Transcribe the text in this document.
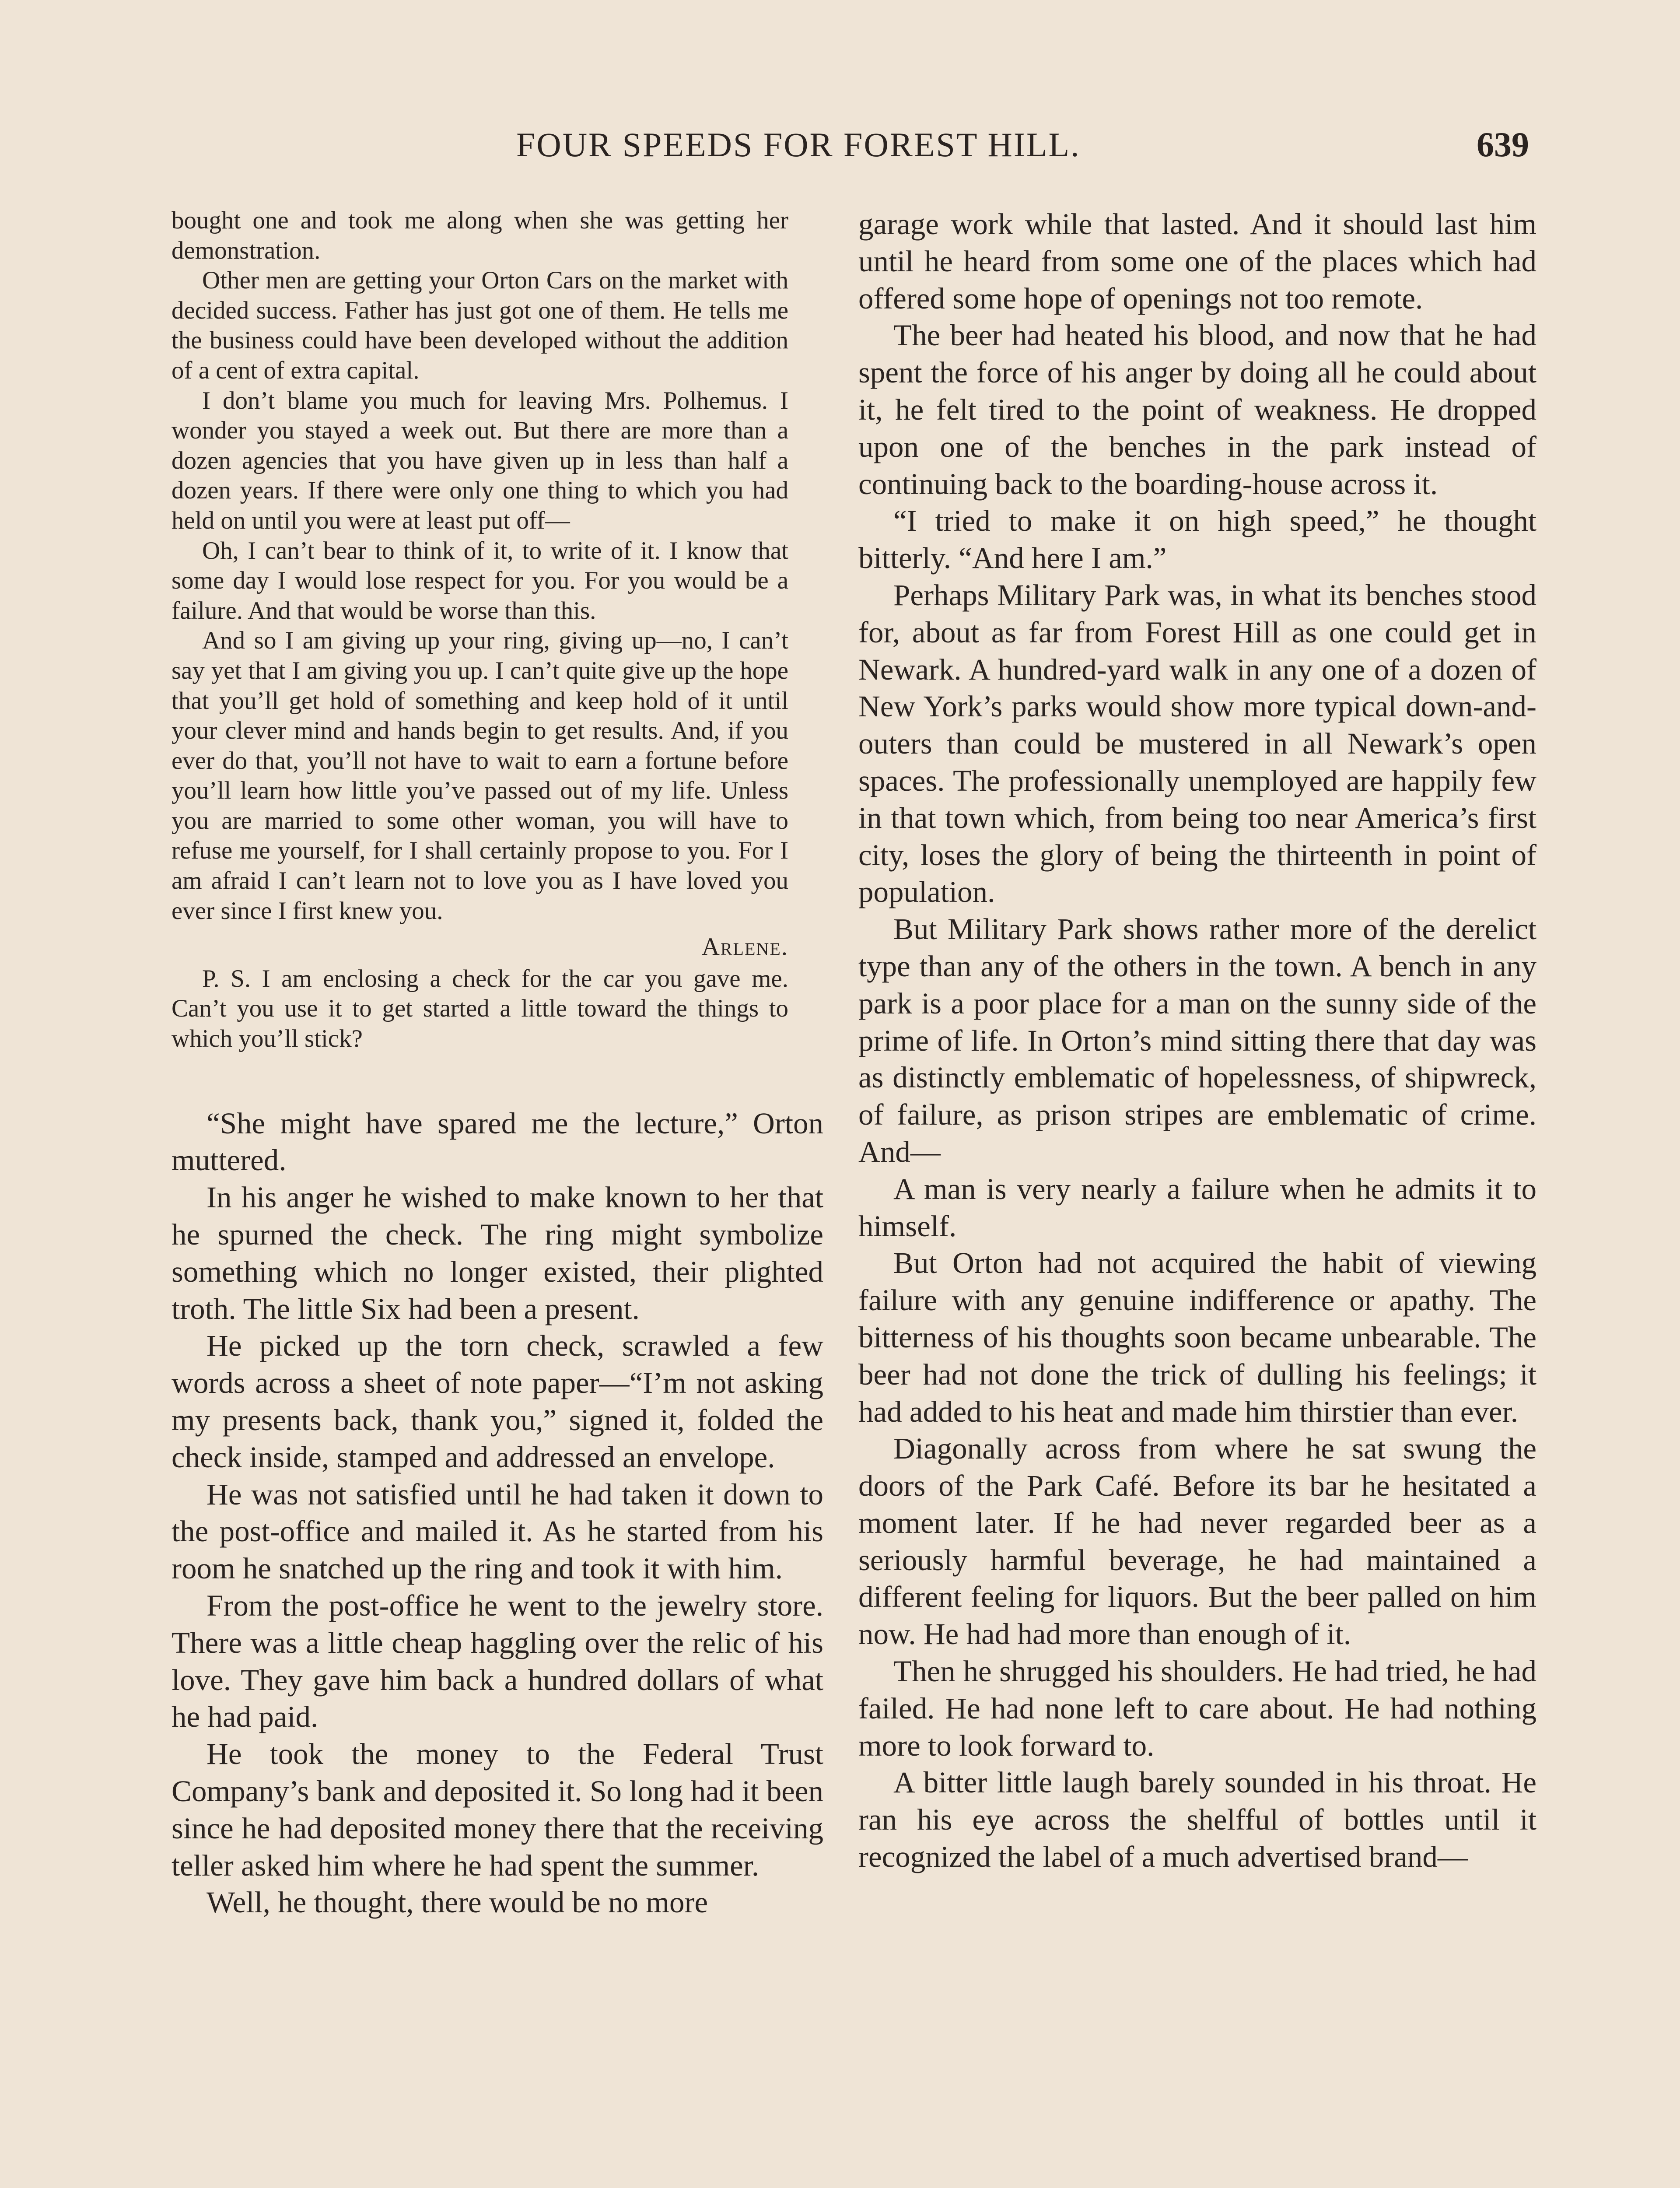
FOUR SPEEDS FOR FOREST HILL.	639

bought one and took me along when she was getting her demonstration.

Other men are getting your Orton Cars on the market with decided success. Father has just got one of them. He tells me the business could have been developed without the addition of a cent of extra capital.

I don’t blame you much for leaving Mrs. Polhemus. I wonder you stayed a week out. But there are more than a dozen agencies that you have given up in less than half a dozen years. If there were only one thing to which you had held on until you were at least put off—

Oh, I can’t bear to think of it, to write of it. I know that some day I would lose respect for you. For you would be a failure. And that would be worse than this.

And so I am giving up your ring, giving up—no, I can’t say yet that I am giving you up. I can’t quite give up the hope that you’ll get hold of something and keep hold of it until your clever mind and hands begin to get results. And, if you ever do that, you’ll not have to wait to earn a fortune before you’ll learn how little you’ve passed out of my life. Unless you are married to some other woman, you will have to refuse me yourself, for I shall certainly propose to you. For I am afraid I can’t learn not to love you as I have loved you ever since I first knew you.

Arlene.

P. S. I am enclosing a check for the car you gave me. Can’t you use it to get started a little toward the things to which you’ll stick?

“She might have spared me the lecture,” Orton muttered.

In his anger he wished to make known to her that he spurned the check. The ring might symbolize something which no longer existed, their plighted troth. The little Six had been a present.

He picked up the torn check, scrawled a few words across a sheet of note paper—“I’m not asking my presents back, thank you,” signed it, folded the check inside, stamped and addressed an envelope.

He was not satisfied until he had taken it down to the post-office and mailed it. As he started from his room he snatched up the ring and took it with him.

From the post-office he went to the jewelry store. There was a little cheap haggling over the relic of his love. They gave him back a hundred dollars of what he had paid.

He took the money to the Federal Trust Company’s bank and deposited it. So long had it been since he had deposited money there that the receiving teller asked him where he had spent the summer.

Well, he thought, there would be no more

garage work while that lasted. And it should last him until he heard from some one of the places which had offered some hope of openings not too remote.

The beer had heated his blood, and now that he had spent the force of his anger by doing all he could about it, he felt tired to the point of weakness. He dropped upon one of the benches in the park instead of continuing back to the boarding-house across it.

“I tried to make it on high speed,” he thought bitterly. “And here I am.”

Perhaps Military Park was, in what its benches stood for, about as far from Forest Hill as one could get in Newark. A hundred-yard walk in any one of a dozen of New York’s parks would show more typical down-and-outers than could be mustered in all Newark’s open spaces. The professionally unemployed are happily few in that town which, from being too near America’s first city, loses the glory of being the thirteenth in point of population.

But Military Park shows rather more of the derelict type than any of the others in the town. A bench in any park is a poor place for a man on the sunny side of the prime of life. In Orton’s mind sitting there that day was as distinctly emblematic of hopelessness, of shipwreck, of failure, as prison stripes are emblematic of crime. And—

A man is very nearly a failure when he admits it to himself.

But Orton had not acquired the habit of viewing failure with any genuine indifference or apathy. The bitterness of his thoughts soon became unbearable. The beer had not done the trick of dulling his feelings; it had added to his heat and made him thirstier than ever.

Diagonally across from where he sat swung the doors of the Park Café. Before its bar he hesitated a moment later. If he had never regarded beer as a seriously harmful beverage, he had maintained a different feeling for liquors. But the beer palled on him now. He had had more than enough of it.

Then he shrugged his shoulders. He had tried, he had failed. He had none left to care about. He had nothing more to look forward to.

A bitter little laugh barely sounded in his throat. He ran his eye across the shelfful of bottles until it recognized the label of a much advertised brand—
